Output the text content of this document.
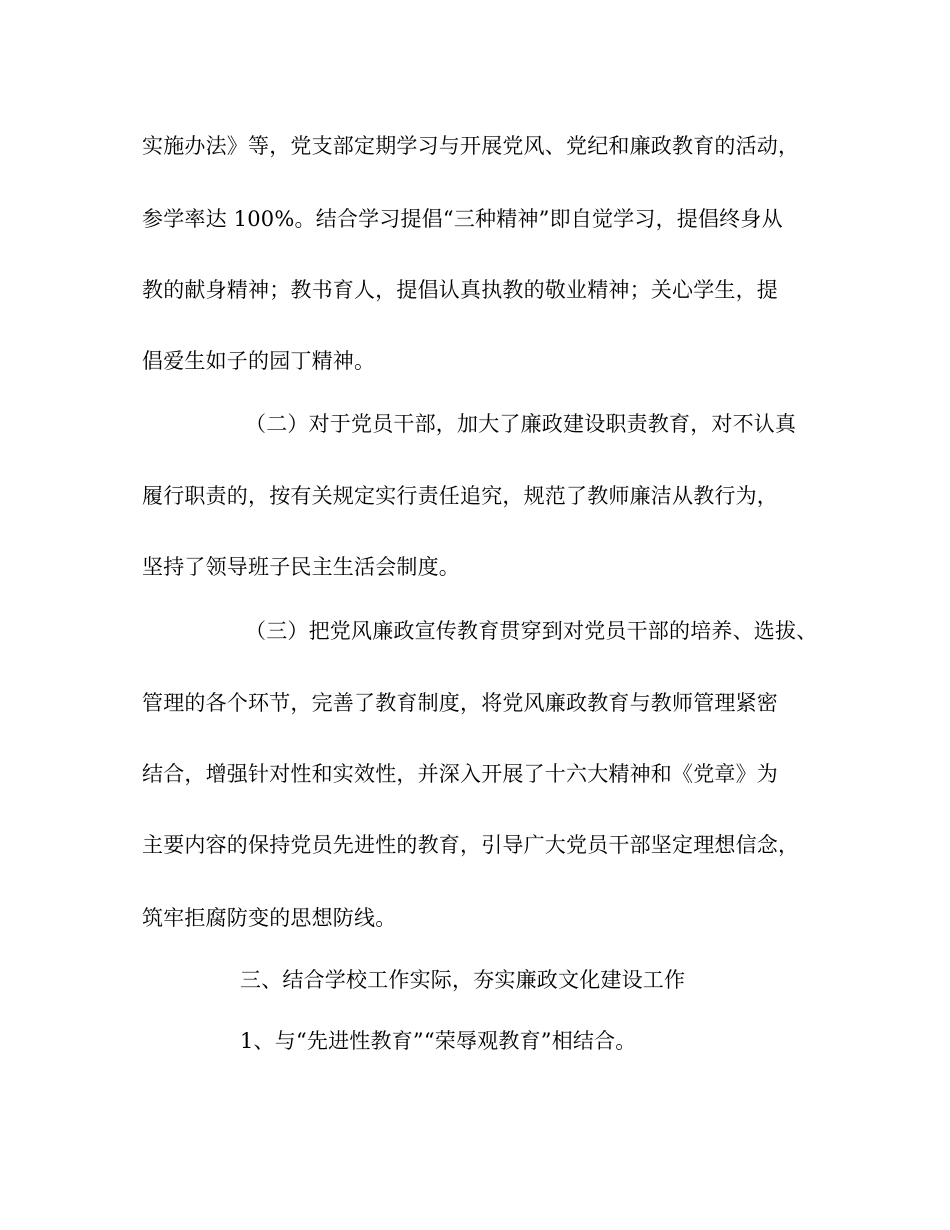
实施办法》等，党支部定期学习与开展党风、党纪和廉政教育的活动，
参学率达 100%。结合学习提倡“三种精神”即自觉学习，提倡终身从
教的献身精神；教书育人，提倡认真执教的敬业精神；关心学生，提
倡爱生如子的园丁精神。
（二）对于党员干部，加大了廉政建设职责教育，对不认真
履行职责的，按有关规定实行责任追究，规范了教师廉洁从教行为，
坚持了领导班子民主生活会制度。
（三）把党风廉政宣传教育贯穿到对党员干部的培养、选拔、
管理的各个环节，完善了教育制度，将党风廉政教育与教师管理紧密
结合，增强针对性和实效性，并深入开展了十六大精神和《党章》为
主要内容的保持党员先进性的教育，引导广大党员干部坚定理想信念，
筑牢拒腐防变的思想防线。
三、结合学校工作实际，夯实廉政文化建设工作
1、与“先进性教育”“荣辱观教育”相结合。
